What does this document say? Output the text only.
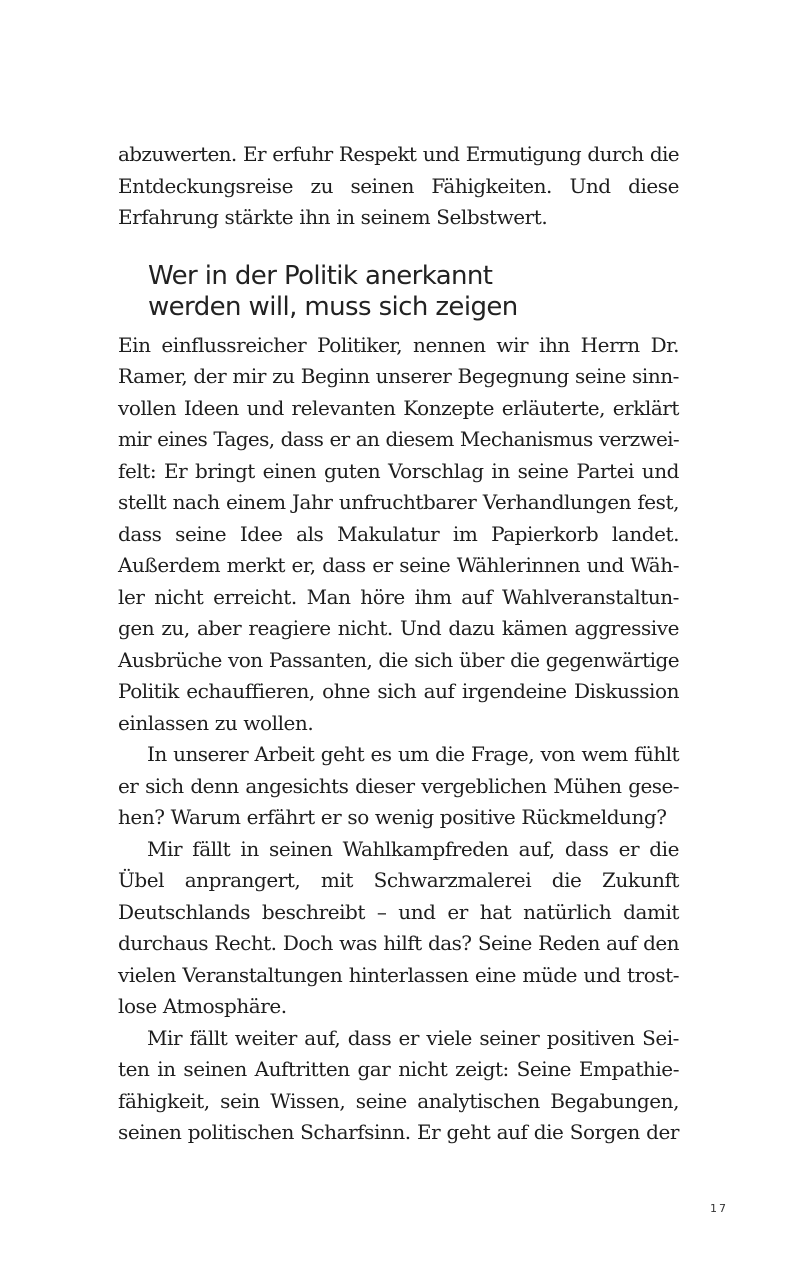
abzuwerten. Er erfuhr Respekt und Ermutigung durch die
Entdeckungsreise zu seinen Fähigkeiten. Und diese
Erfahrung stärkte ihn in seinem Selbstwert.

Wer in der Politik anerkannt
werden will, muss sich zeigen

Ein einflussreicher Politiker, nennen wir ihn Herrn Dr.
Ramer, der mir zu Beginn unserer Begegnung seine sinn-
vollen Ideen und relevanten Konzepte erläuterte, erklärt
mir eines Tages, dass er an diesem Mechanismus verzwei-
felt: Er bringt einen guten Vorschlag in seine Partei und
stellt nach einem Jahr unfruchtbarer Verhandlungen fest,
dass seine Idee als Makulatur im Papierkorb landet.
Außerdem merkt er, dass er seine Wählerinnen und Wäh-
ler nicht erreicht. Man höre ihm auf Wahlveranstaltun-
gen zu, aber reagiere nicht. Und dazu kämen aggressive
Ausbrüche von Passanten, die sich über die gegenwärtige
Politik echauffieren, ohne sich auf irgendeine Diskussion
einlassen zu wollen.

In unserer Arbeit geht es um die Frage, von wem fühlt
er sich denn angesichts dieser vergeblichen Mühen gese-
hen? Warum erfährt er so wenig positive Rückmeldung?

Mir fällt in seinen Wahlkampfreden auf, dass er die
Übel anprangert, mit Schwarzmalerei die Zukunft
Deutschlands beschreibt – und er hat natürlich damit
durchaus Recht. Doch was hilft das? Seine Reden auf den
vielen Veranstaltungen hinterlassen eine müde und trost-
lose Atmosphäre.

Mir fällt weiter auf, dass er viele seiner positiven Sei-
ten in seinen Auftritten gar nicht zeigt: Seine Empathie-
fähigkeit, sein Wissen, seine analytischen Begabungen,
seinen politischen Scharfsinn. Er geht auf die Sorgen der

17
